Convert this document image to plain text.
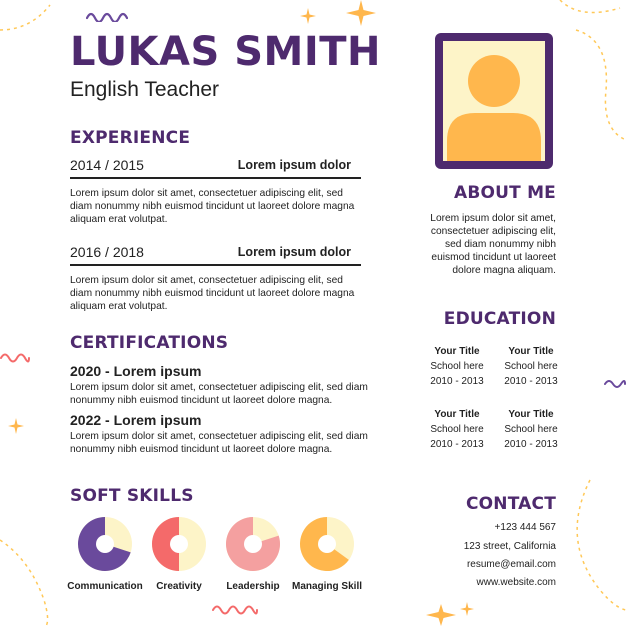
LUKAS SMITH
English Teacher
EXPERIENCE
2014 / 2015	Lorem ipsum dolor
Lorem ipsum dolor sit amet, consectetuer adipiscing elit, sed diam nonummy nibh euismod tincidunt ut laoreet dolore magna aliquam erat volutpat.
2016 / 2018	Lorem ipsum dolor
Lorem ipsum dolor sit amet, consectetuer adipiscing elit, sed diam nonummy nibh euismod tincidunt ut laoreet dolore magna aliquam erat volutpat.
CERTIFICATIONS
2020 - Lorem ipsum
Lorem ipsum dolor sit amet, consectetuer adipiscing elit, sed diam nonummy nibh euismod tincidunt ut laoreet dolore magna.
2022 - Lorem ipsum
Lorem ipsum dolor sit amet, consectetuer adipiscing elit, sed diam nonummy nibh euismod tincidunt ut laoreet dolore magna.
SOFT SKILLS
Communication	Creativity	Leadership	Managing Skill
ABOUT ME
Lorem ipsum dolor sit amet, consectetuer adipiscing elit, sed diam nonummy nibh euismod tincidunt ut laoreet dolore magna aliquam.
EDUCATION
Your Title
School here
2010 - 2013
Your Title
School here
2010 - 2013
Your Title
School here
2010 - 2013
Your Title
School here
2010 - 2013
CONTACT
+123 444 567
123 street, California
resume@email.com
www.website.com
